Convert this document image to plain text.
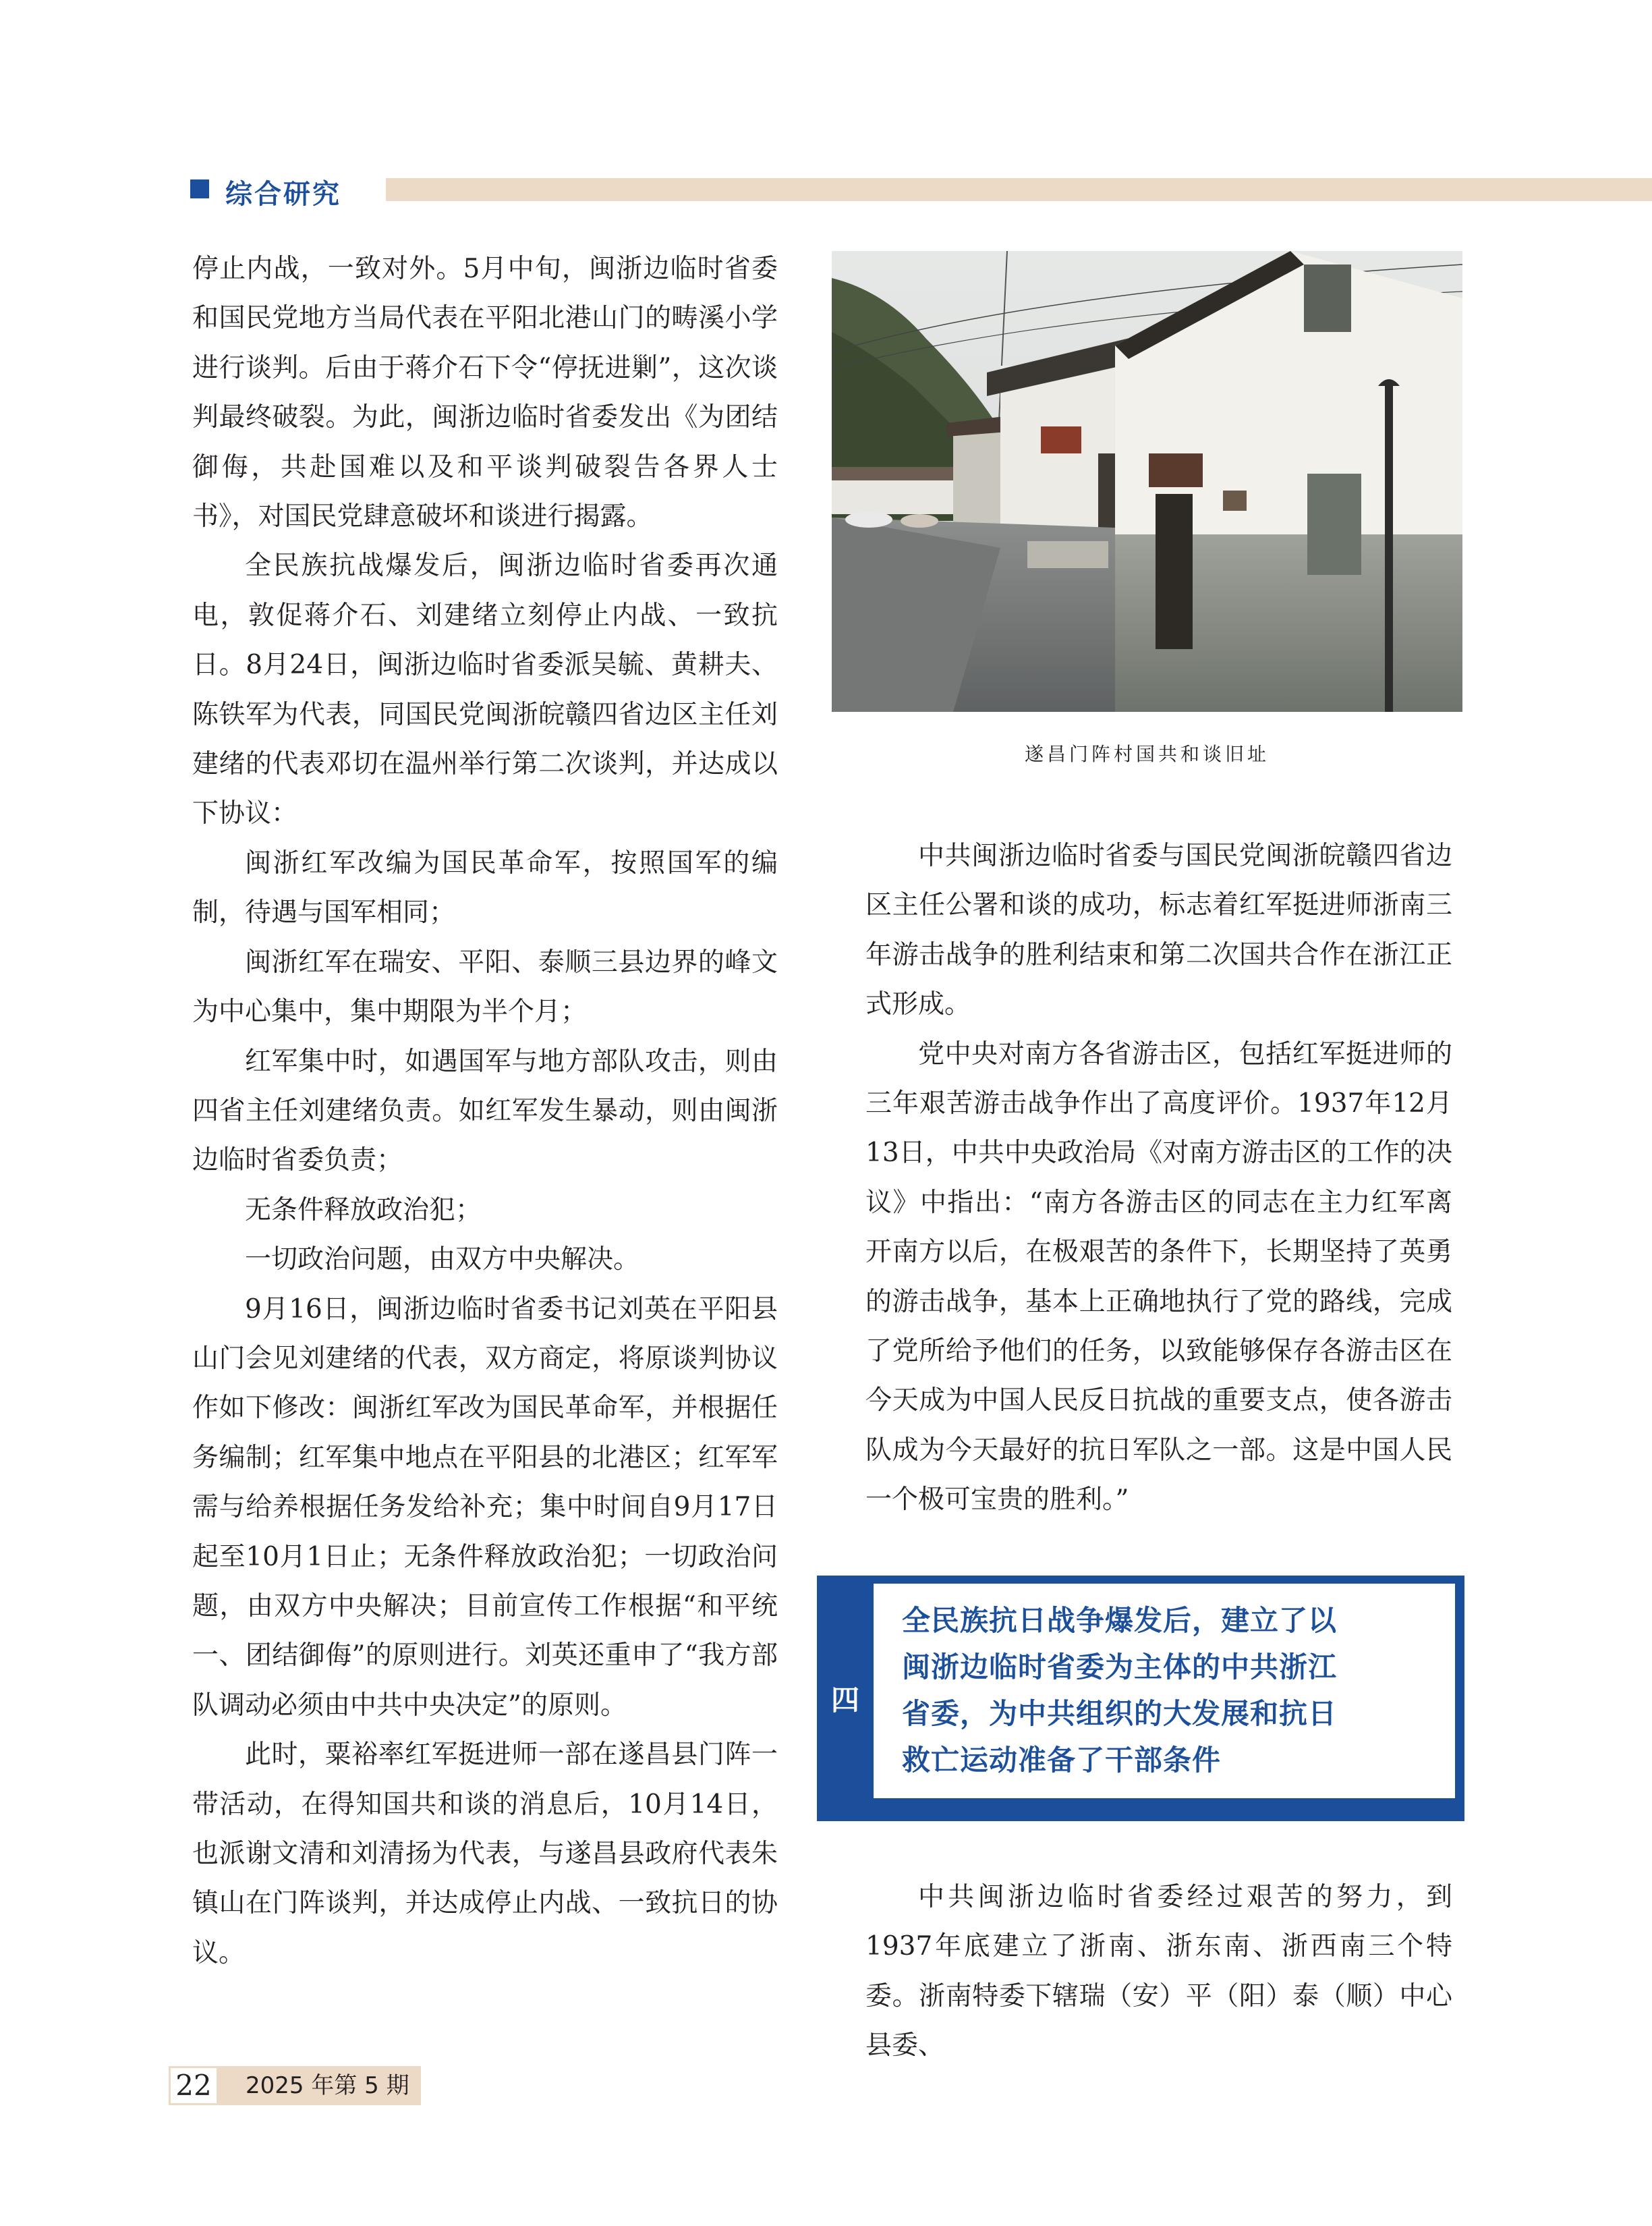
综合研究

停止内战，一致对外。5月中旬，闽浙边临时省委和国民党地方当局代表在平阳北港山门的畴溪小学进行谈判。后由于蒋介石下令“停抚进剿”，这次谈判最终破裂。为此，闽浙边临时省委发出《为团结御侮，共赴国难以及和平谈判破裂告各界人士书》，对国民党肆意破坏和谈进行揭露。

全民族抗战爆发后，闽浙边临时省委再次通电，敦促蒋介石、刘建绪立刻停止内战、一致抗日。8月24日，闽浙边临时省委派吴毓、黄耕夫、陈铁军为代表，同国民党闽浙皖赣四省边区主任刘建绪的代表邓切在温州举行第二次谈判，并达成以下协议：

闽浙红军改编为国民革命军，按照国军的编制，待遇与国军相同；

闽浙红军在瑞安、平阳、泰顺三县边界的峰文为中心集中，集中期限为半个月；

红军集中时，如遇国军与地方部队攻击，则由四省主任刘建绪负责。如红军发生暴动，则由闽浙边临时省委负责；

无条件释放政治犯；

一切政治问题，由双方中央解决。

9月16日，闽浙边临时省委书记刘英在平阳县山门会见刘建绪的代表，双方商定，将原谈判协议作如下修改：闽浙红军改为国民革命军，并根据任务编制；红军集中地点在平阳县的北港区；红军军需与给养根据任务发给补充；集中时间自9月17日起至10月1日止；无条件释放政治犯；一切政治问题，由双方中央解决；目前宣传工作根据“和平统一、团结御侮”的原则进行。刘英还重申了“我方部队调动必须由中共中央决定”的原则。

此时，粟裕率红军挺进师一部在遂昌县门阵一带活动，在得知国共和谈的消息后，10月14日，也派谢文清和刘清扬为代表，与遂昌县政府代表朱镇山在门阵谈判，并达成停止内战、一致抗日的协议。

遂昌门阵村国共和谈旧址

中共闽浙边临时省委与国民党闽浙皖赣四省边区主任公署和谈的成功，标志着红军挺进师浙南三年游击战争的胜利结束和第二次国共合作在浙江正式形成。

党中央对南方各省游击区，包括红军挺进师的三年艰苦游击战争作出了高度评价。1937年12月13日，中共中央政治局《对南方游击区的工作的决议》中指出：“南方各游击区的同志在主力红军离开南方以后，在极艰苦的条件下，长期坚持了英勇的游击战争，基本上正确地执行了党的路线，完成了党所给予他们的任务，以致能够保存各游击区在今天成为中国人民反日抗战的重要支点，使各游击队成为今天最好的抗日军队之一部。这是中国人民一个极可宝贵的胜利。”

四
全民族抗日战争爆发后，建立了以
闽浙边临时省委为主体的中共浙江
省委，为中共组织的大发展和抗日
救亡运动准备了干部条件

中共闽浙边临时省委经过艰苦的努力，到1937年底建立了浙南、浙东南、浙西南三个特委。浙南特委下辖瑞（安）平（阳）泰（顺）中心县委、

22	2025 年第 5 期
